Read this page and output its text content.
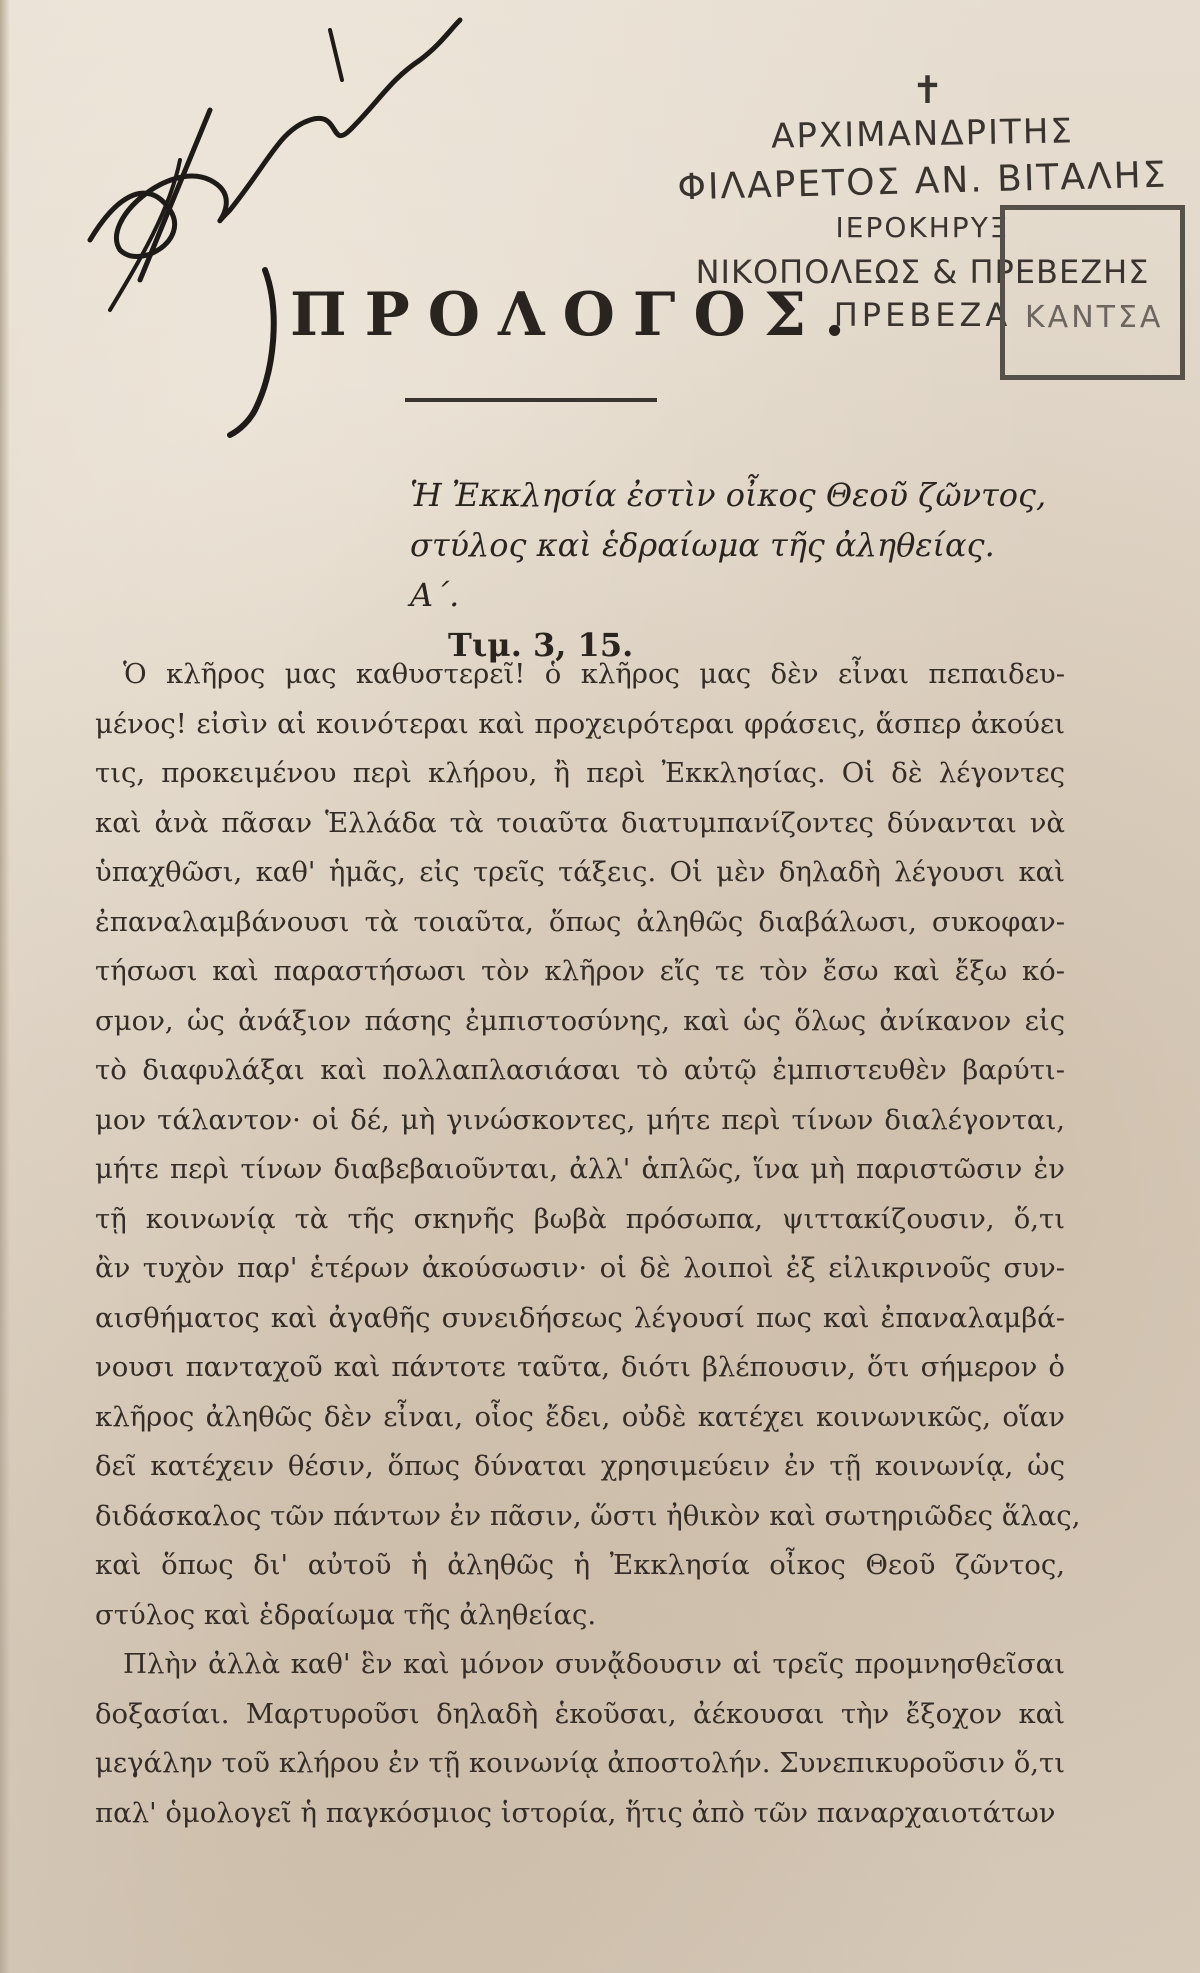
✝
ΑΡΧΙΜΑΝΔΡΙΤΗΣ
ΦΙΛΑΡΕΤΟΣ ΑΝ. ΒΙΤΑΛΗΣ
ΙΕΡΟΚΗΡΥΞ
ΝΙΚΟΠΟΛΕΩΣ & ΠΡΕΒΕΖΗΣ
ΠΡΕΒΕΖΑ ΚΑΝΤΣΑ
ΠΡΟΛΟΓΟΣ.
Ἡ Ἐκκλησία ἐστὶν οἶκος Θεοῦ ζῶντος,
στύλος καὶ ἑδραίωμα τῆς ἀληθείας. Α΄.
Τιμ. 3, 15.

Ὁ κλῆρος μας καθυστερεῖ! ὁ κλῆρος μας δὲν εἶναι πεπαιδευ-
μένος! εἰσὶν αἱ κοινότεραι καὶ προχειρότεραι φράσεις, ἅσπερ ἀκούει
τις, προκειμένου περὶ κλήρου, ἢ περὶ Ἐκκλησίας. Οἱ δὲ λέγοντες
καὶ ἀνὰ πᾶσαν Ἑλλάδα τὰ τοιαῦτα διατυμπανίζοντες δύνανται νὰ
ὑπαχθῶσι, καθ' ἡμᾶς, εἰς τρεῖς τάξεις. Οἱ μὲν δηλαδὴ λέγουσι καὶ
ἐπαναλαμβάνουσι τὰ τοιαῦτα, ὅπως ἀληθῶς διαβάλωσι, συκοφαν-
τήσωσι καὶ παραστήσωσι τὸν κλῆρον εἴς τε τὸν ἔσω καὶ ἔξω κό-
σμον, ὡς ἀνάξιον πάσης ἐμπιστοσύνης, καὶ ὡς ὅλως ἀνίκανον εἰς
τὸ διαφυλάξαι καὶ πολλαπλασιάσαι τὸ αὐτῷ ἐμπιστευθὲν βαρύτι-
μον τάλαντον· οἱ δέ, μὴ γινώσκοντες, μήτε περὶ τίνων διαλέγονται,
μήτε περὶ τίνων διαβεβαιοῦνται, ἀλλ' ἁπλῶς, ἵνα μὴ παριστῶσιν ἐν
τῇ κοινωνίᾳ τὰ τῆς σκηνῆς βωβὰ πρόσωπα, ψιττακίζουσιν, ὅ,τι
ἂν τυχὸν παρ' ἑτέρων ἀκούσωσιν· οἱ δὲ λοιποὶ ἐξ εἰλικρινοῦς συν-
αισθήματος καὶ ἀγαθῆς συνειδήσεως λέγουσί πως καὶ ἐπαναλαμβά-
νουσι πανταχοῦ καὶ πάντοτε ταῦτα, διότι βλέπουσιν, ὅτι σήμερον ὁ
κλῆρος ἀληθῶς δὲν εἶναι, οἷος ἔδει, οὐδὲ κατέχει κοινωνικῶς, οἵαν
δεῖ κατέχειν θέσιν, ὅπως δύναται χρησιμεύειν ἐν τῇ κοινωνίᾳ, ὡς
διδάσκαλος τῶν πάντων ἐν πᾶσιν, ὥστι ἠθικὸν καὶ σωτηριῶδες ἅλας,
καὶ ὅπως δι' αὐτοῦ ἡ ἀληθῶς ἡ Ἐκκλησία οἶκος Θεοῦ ζῶντος,
στύλος καὶ ἑδραίωμα τῆς ἀληθείας.

Πλὴν ἀλλὰ καθ' ἓν καὶ μόνον συνᾄδουσιν αἱ τρεῖς προμνησθεῖσαι
δοξασίαι. Μαρτυροῦσι δηλαδὴ ἑκοῦσαι, ἀέκουσαι τὴν ἔξοχον καὶ
μεγάλην τοῦ κλήρου ἐν τῇ κοινωνίᾳ ἀποστολήν. Συνεπικυροῦσιν ὅ,τι
παλ' ὁμολογεῖ ἡ παγκόσμιος ἱστορία, ἥτις ἀπὸ τῶν παναρχαιοτάτων
